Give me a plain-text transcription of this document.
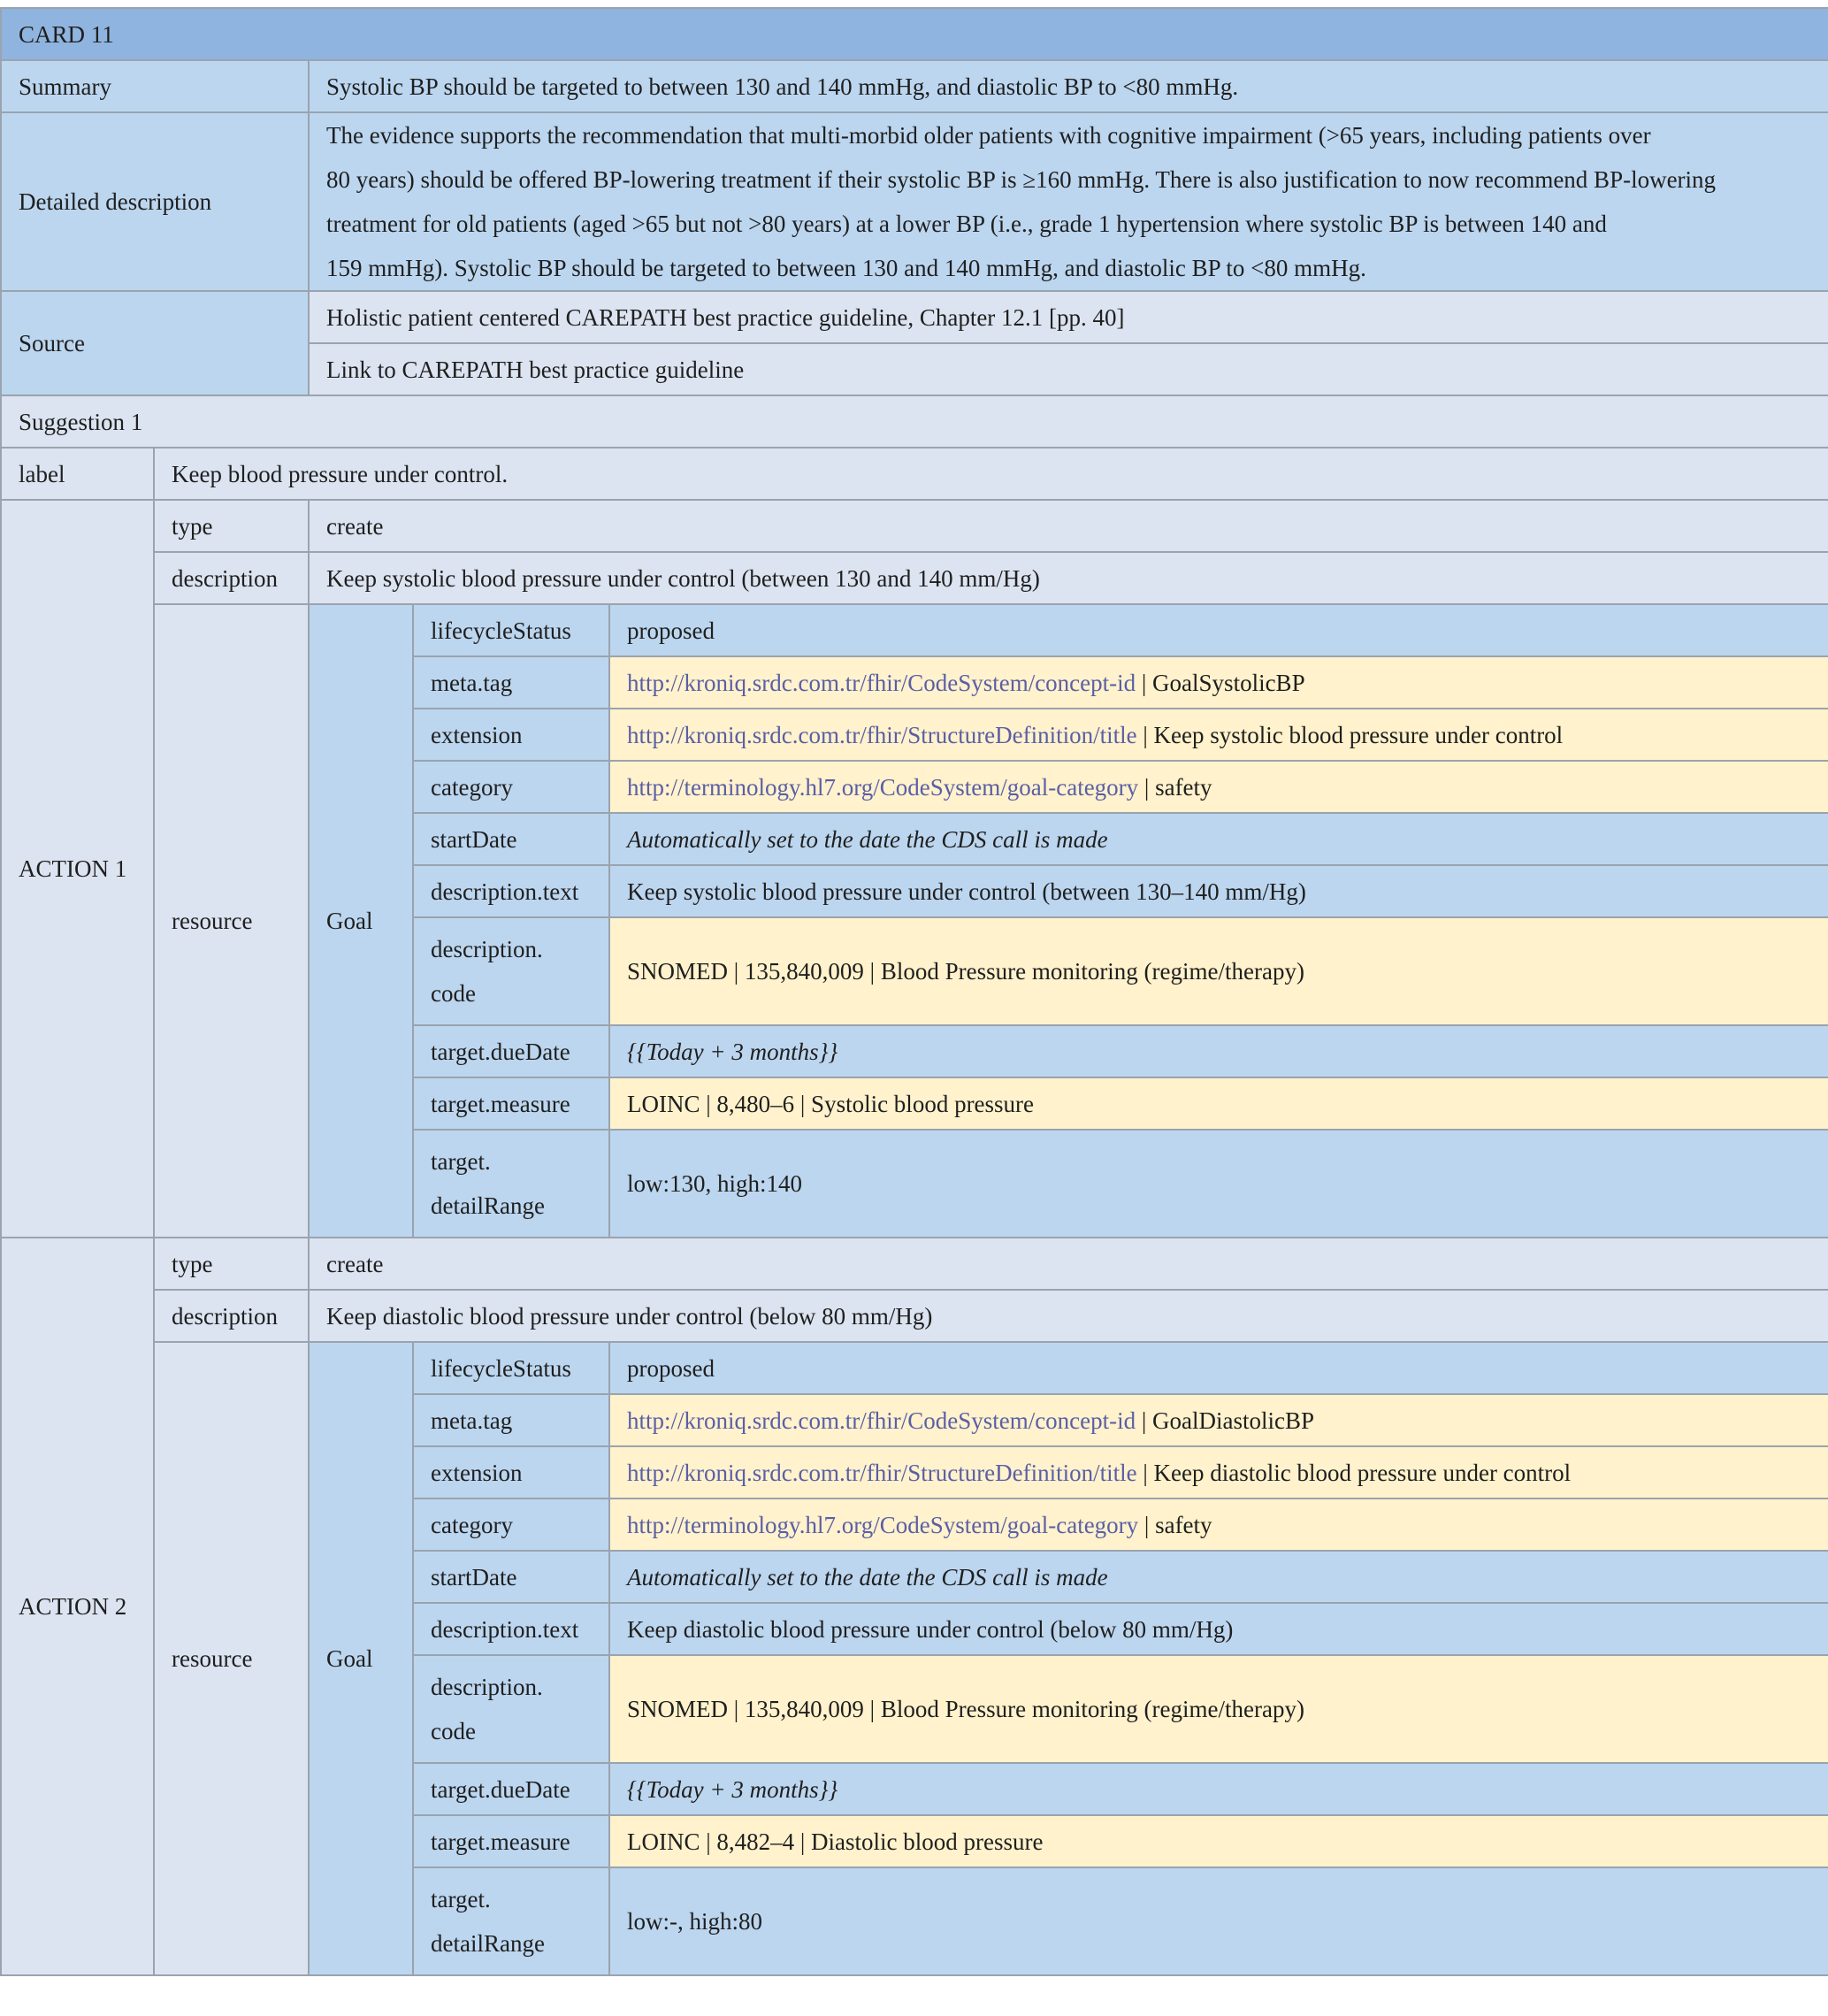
CARD 11				
Summary		Systolic BP should be targeted to between 130 and 140 mmHg, and diastolic BP to <80 mmHg.		
Detailed description		The evidence supports the recommendation that multi-morbid older patients with cognitive impairment (>65 years, including patients over
80 years) should be offered BP-lowering treatment if their systolic BP is ≥160 mmHg. There is also justification to now recommend BP-lowering
treatment for old patients (aged >65 but not >80 years) at a lower BP (i.e., grade 1 hypertension where systolic BP is between 140 and
159 mmHg). Systolic BP should be targeted to between 130 and 140 mmHg, and diastolic BP to <80 mmHg.		
Source		Holistic patient centered CAREPATH best practice guideline, Chapter 12.1 [pp. 40]		
		Link to CAREPATH best practice guideline		
Suggestion 1				
label	Keep blood pressure under control.			
ACTION 1	type	create		
	description	Keep systolic blood pressure under control (between 130 and 140 mm/Hg)		
	resource	Goal	lifecycleStatus	proposed
			meta.tag	http://kroniq.srdc.com.tr/fhir/CodeSystem/concept-id | GoalSystolicBP
			extension	http://kroniq.srdc.com.tr/fhir/StructureDefinition/title | Keep systolic blood pressure under control
			category	http://terminology.hl7.org/CodeSystem/goal-category | safety
			startDate	Automatically set to the date the CDS call is made
			description.text	Keep systolic blood pressure under control (between 130–140 mm/Hg)
			description.
code	SNOMED | 135,840,009 | Blood Pressure monitoring (regime/therapy)
			target.dueDate	{{Today + 3 months}}
			target.measure	LOINC | 8,480–6 | Systolic blood pressure
			target.
detailRange	low:130, high:140
ACTION 2	type	create		
	description	Keep diastolic blood pressure under control (below 80 mm/Hg)		
	resource	Goal	lifecycleStatus	proposed
			meta.tag	http://kroniq.srdc.com.tr/fhir/CodeSystem/concept-id | GoalDiastolicBP
			extension	http://kroniq.srdc.com.tr/fhir/StructureDefinition/title | Keep diastolic blood pressure under control
			category	http://terminology.hl7.org/CodeSystem/goal-category | safety
			startDate	Automatically set to the date the CDS call is made
			description.text	Keep diastolic blood pressure under control (below 80 mm/Hg)
			description.
code	SNOMED | 135,840,009 | Blood Pressure monitoring (regime/therapy)
			target.dueDate	{{Today + 3 months}}
			target.measure	LOINC | 8,482–4 | Diastolic blood pressure
			target.
detailRange	low:-, high:80
